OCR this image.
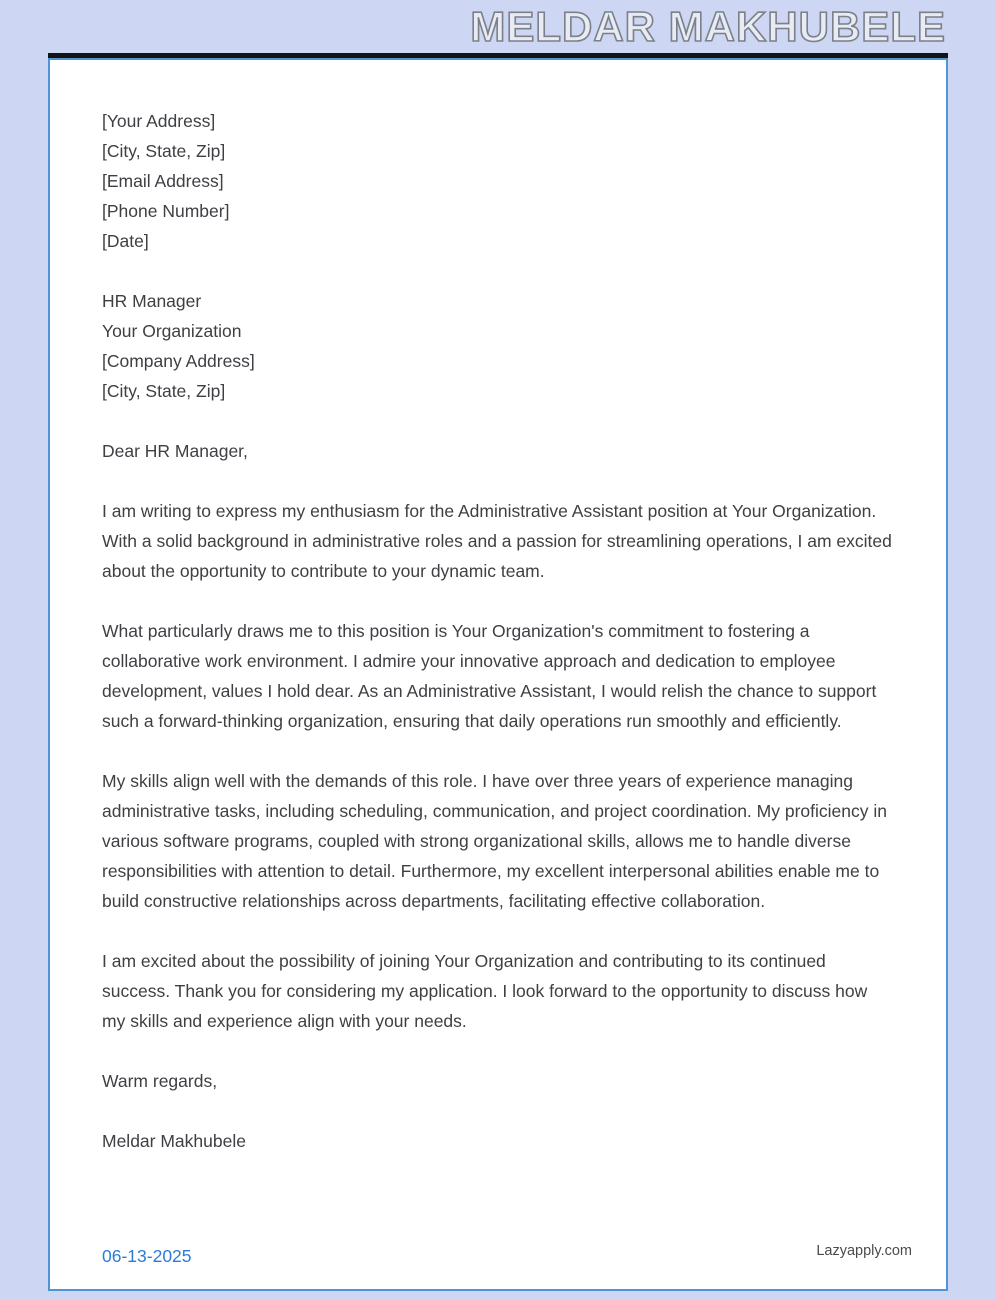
MELDAR MAKHUBELE

[Your Address]

[City, State, Zip]

[Email Address]

[Phone Number]

[Date]

HR Manager

Your Organization

[Company Address]

[City, State, Zip]

Dear HR Manager,

I am writing to express my enthusiasm for the Administrative Assistant position at Your Organization. With a solid background in administrative roles and a passion for streamlining operations, I am excited about the opportunity to contribute to your dynamic team.

What particularly draws me to this position is Your Organization's commitment to fostering a collaborative work environment. I admire your innovative approach and dedication to employee development, values I hold dear. As an Administrative Assistant, I would relish the chance to support such a forward-thinking organization, ensuring that daily operations run smoothly and efficiently.

My skills align well with the demands of this role. I have over three years of experience managing administrative tasks, including scheduling, communication, and project coordination. My proficiency in various software programs, coupled with strong organizational skills, allows me to handle diverse responsibilities with attention to detail. Furthermore, my excellent interpersonal abilities enable me to build constructive relationships across departments, facilitating effective collaboration.

I am excited about the possibility of joining Your Organization and contributing to its continued success. Thank you for considering my application. I look forward to the opportunity to discuss how my skills and experience align with your needs.

Warm regards,

Meldar Makhubele

06-13-2025	Lazyapply.com
